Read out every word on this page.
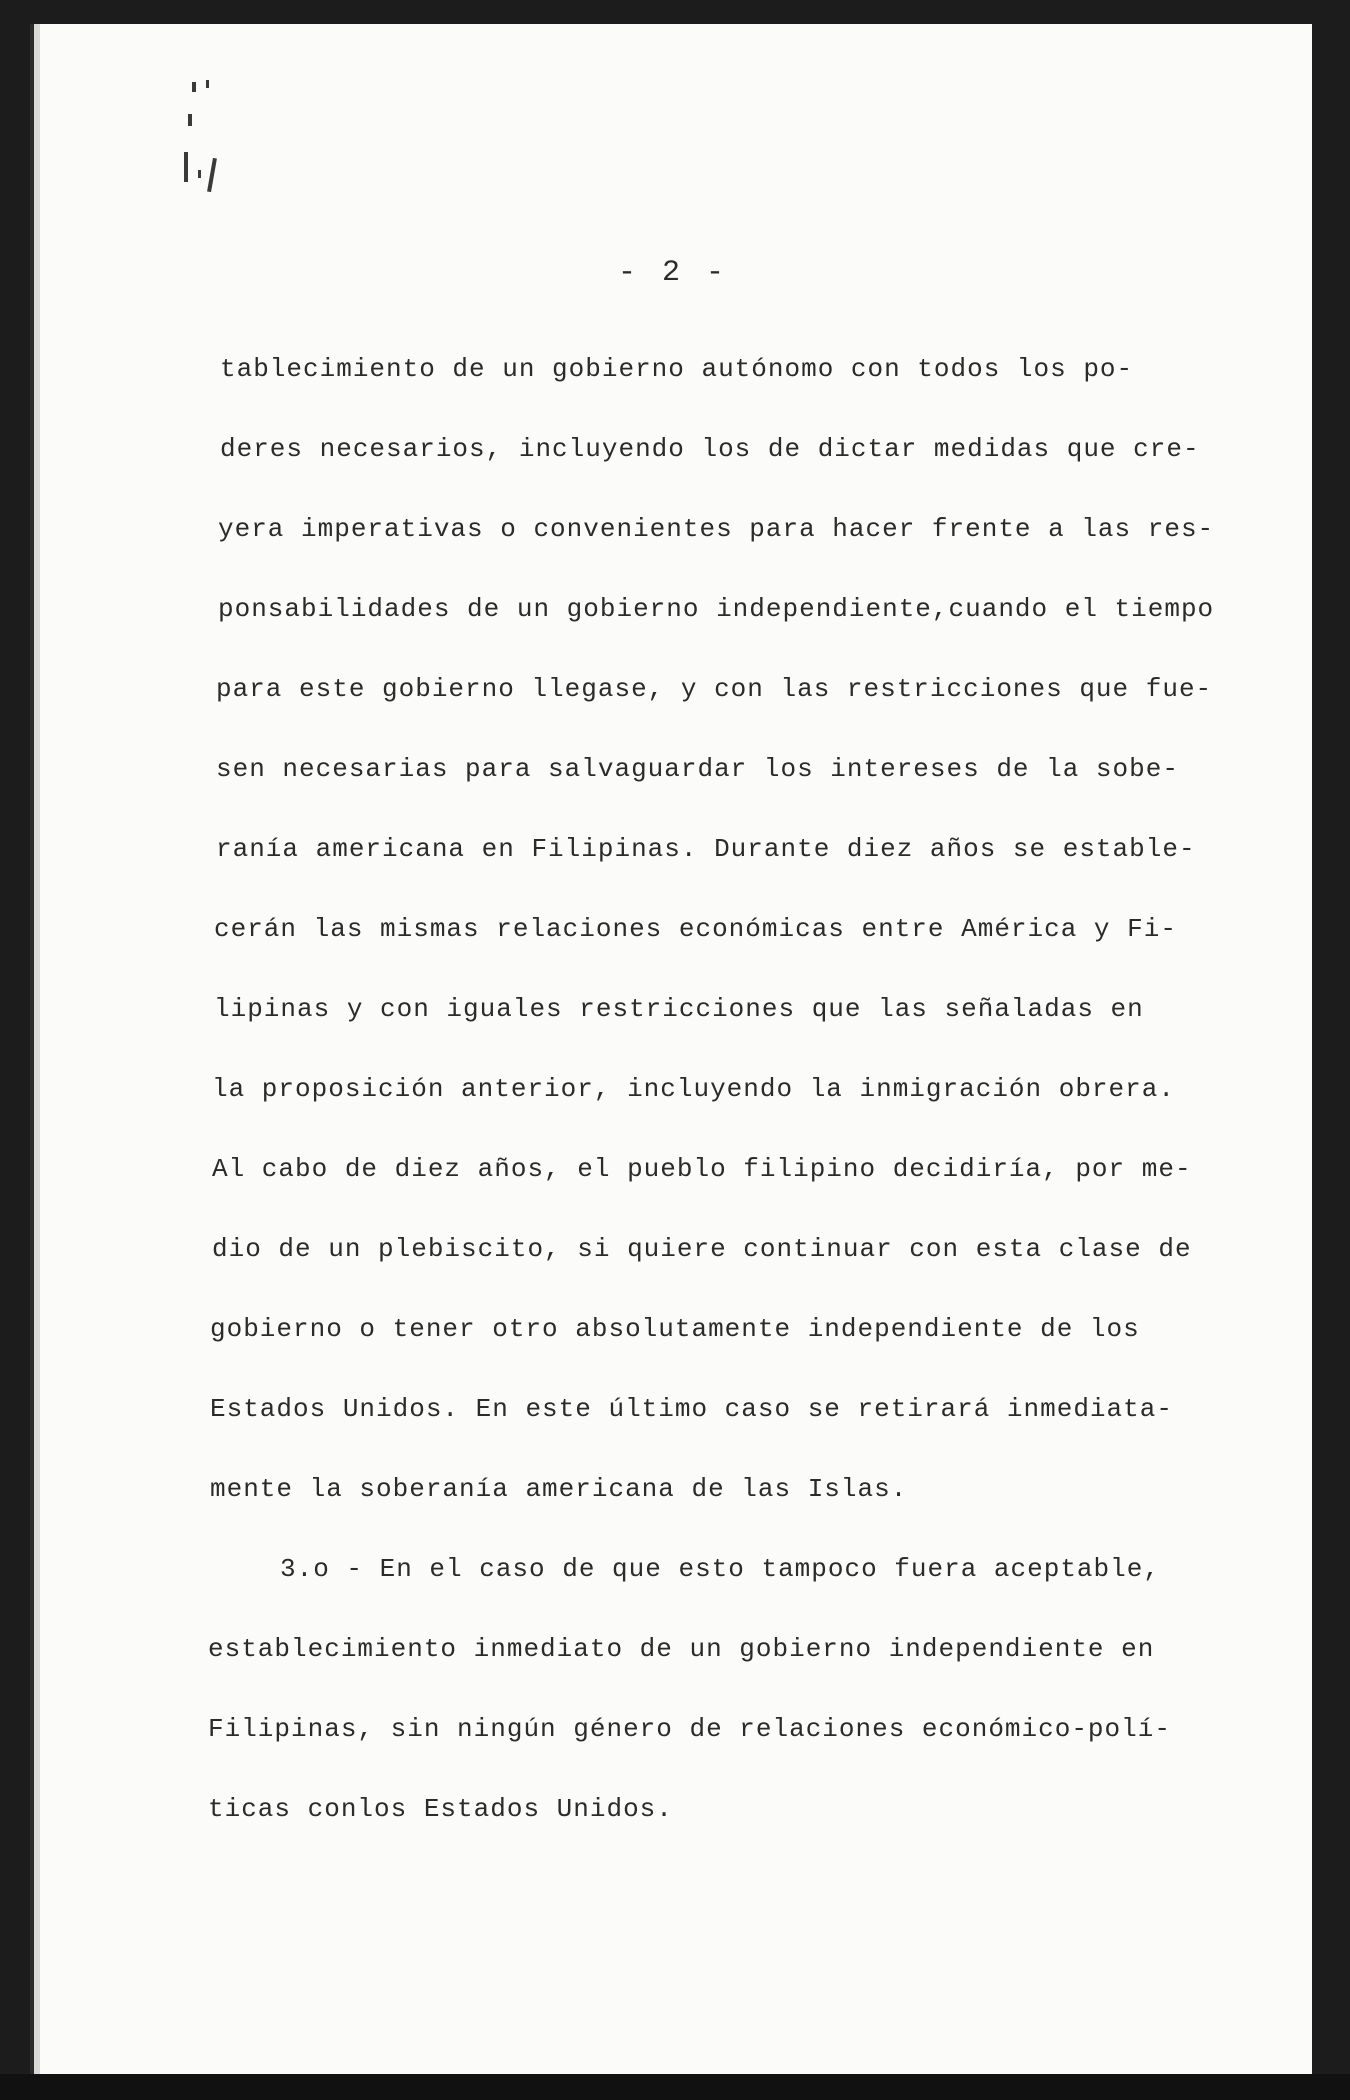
- 2 -
tablecimiento de un gobierno autónomo con todos los po-
deres necesarios, incluyendo los de dictar medidas que cre-
yera imperativas o convenientes para hacer frente a las res-
ponsabilidades de un gobierno independiente,cuando el tiempo
para este gobierno llegase, y con las restricciones que fue-
sen necesarias para salvaguardar los intereses de la sobe-
ranía americana en Filipinas. Durante diez años se estable-
cerán las mismas relaciones económicas entre América y Fi-
lipinas y con iguales restricciones que las señaladas en
la proposición anterior, incluyendo la inmigración obrera.
Al cabo de diez años, el pueblo filipino decidiría, por me-
dio de un plebiscito, si quiere continuar con esta clase de
gobierno o tener otro absolutamente independiente de los
Estados Unidos. En este último caso se retirará inmediata-
mente la soberanía americana de las Islas.
3.o - En el caso de que esto tampoco fuera aceptable,
establecimiento inmediato de un gobierno independiente en
Filipinas, sin ningún género de relaciones económico-polí-
ticas conlos Estados Unidos.
